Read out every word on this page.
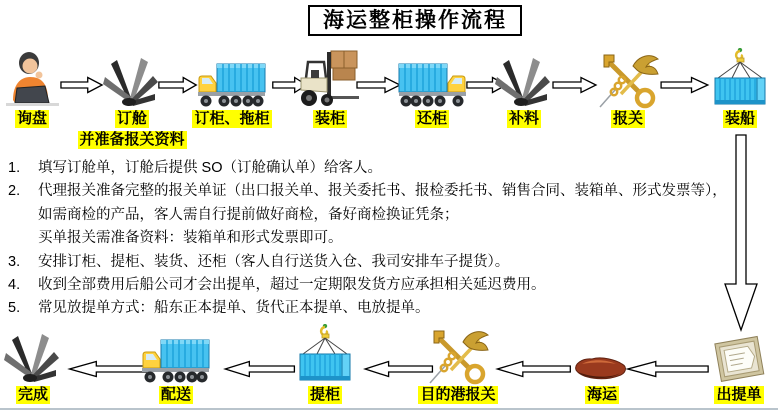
海运整柜操作流程
询盘	订舱
并准备报关资料
订柜、拖柜	装柜	还柜	补料	报关	装船
1.	填写订舱单，订舱后提供 SO（订舱确认单）给客人。
2.	代理报关准备完整的报关单证（出口报关单、报关委托书、报检委托书、销售合同、装箱单、形式发票等），
如需商检的产品，客人需自行提前做好商检，备好商检换证凭条；
买单报关需准备资料：装箱单和形式发票即可。
3.	安排订柜、提柜、装货、还柜（客人自行送货入仓、我司安排车子提货）。
4.	收到全部费用后船公司才会出提单，超过一定期限发货方应承担相关延迟费用。
5.	常见放提单方式：船东正本提单、货代正本提单、电放提单。
完成	配送	提柜	目的港报关	海运	出提单
